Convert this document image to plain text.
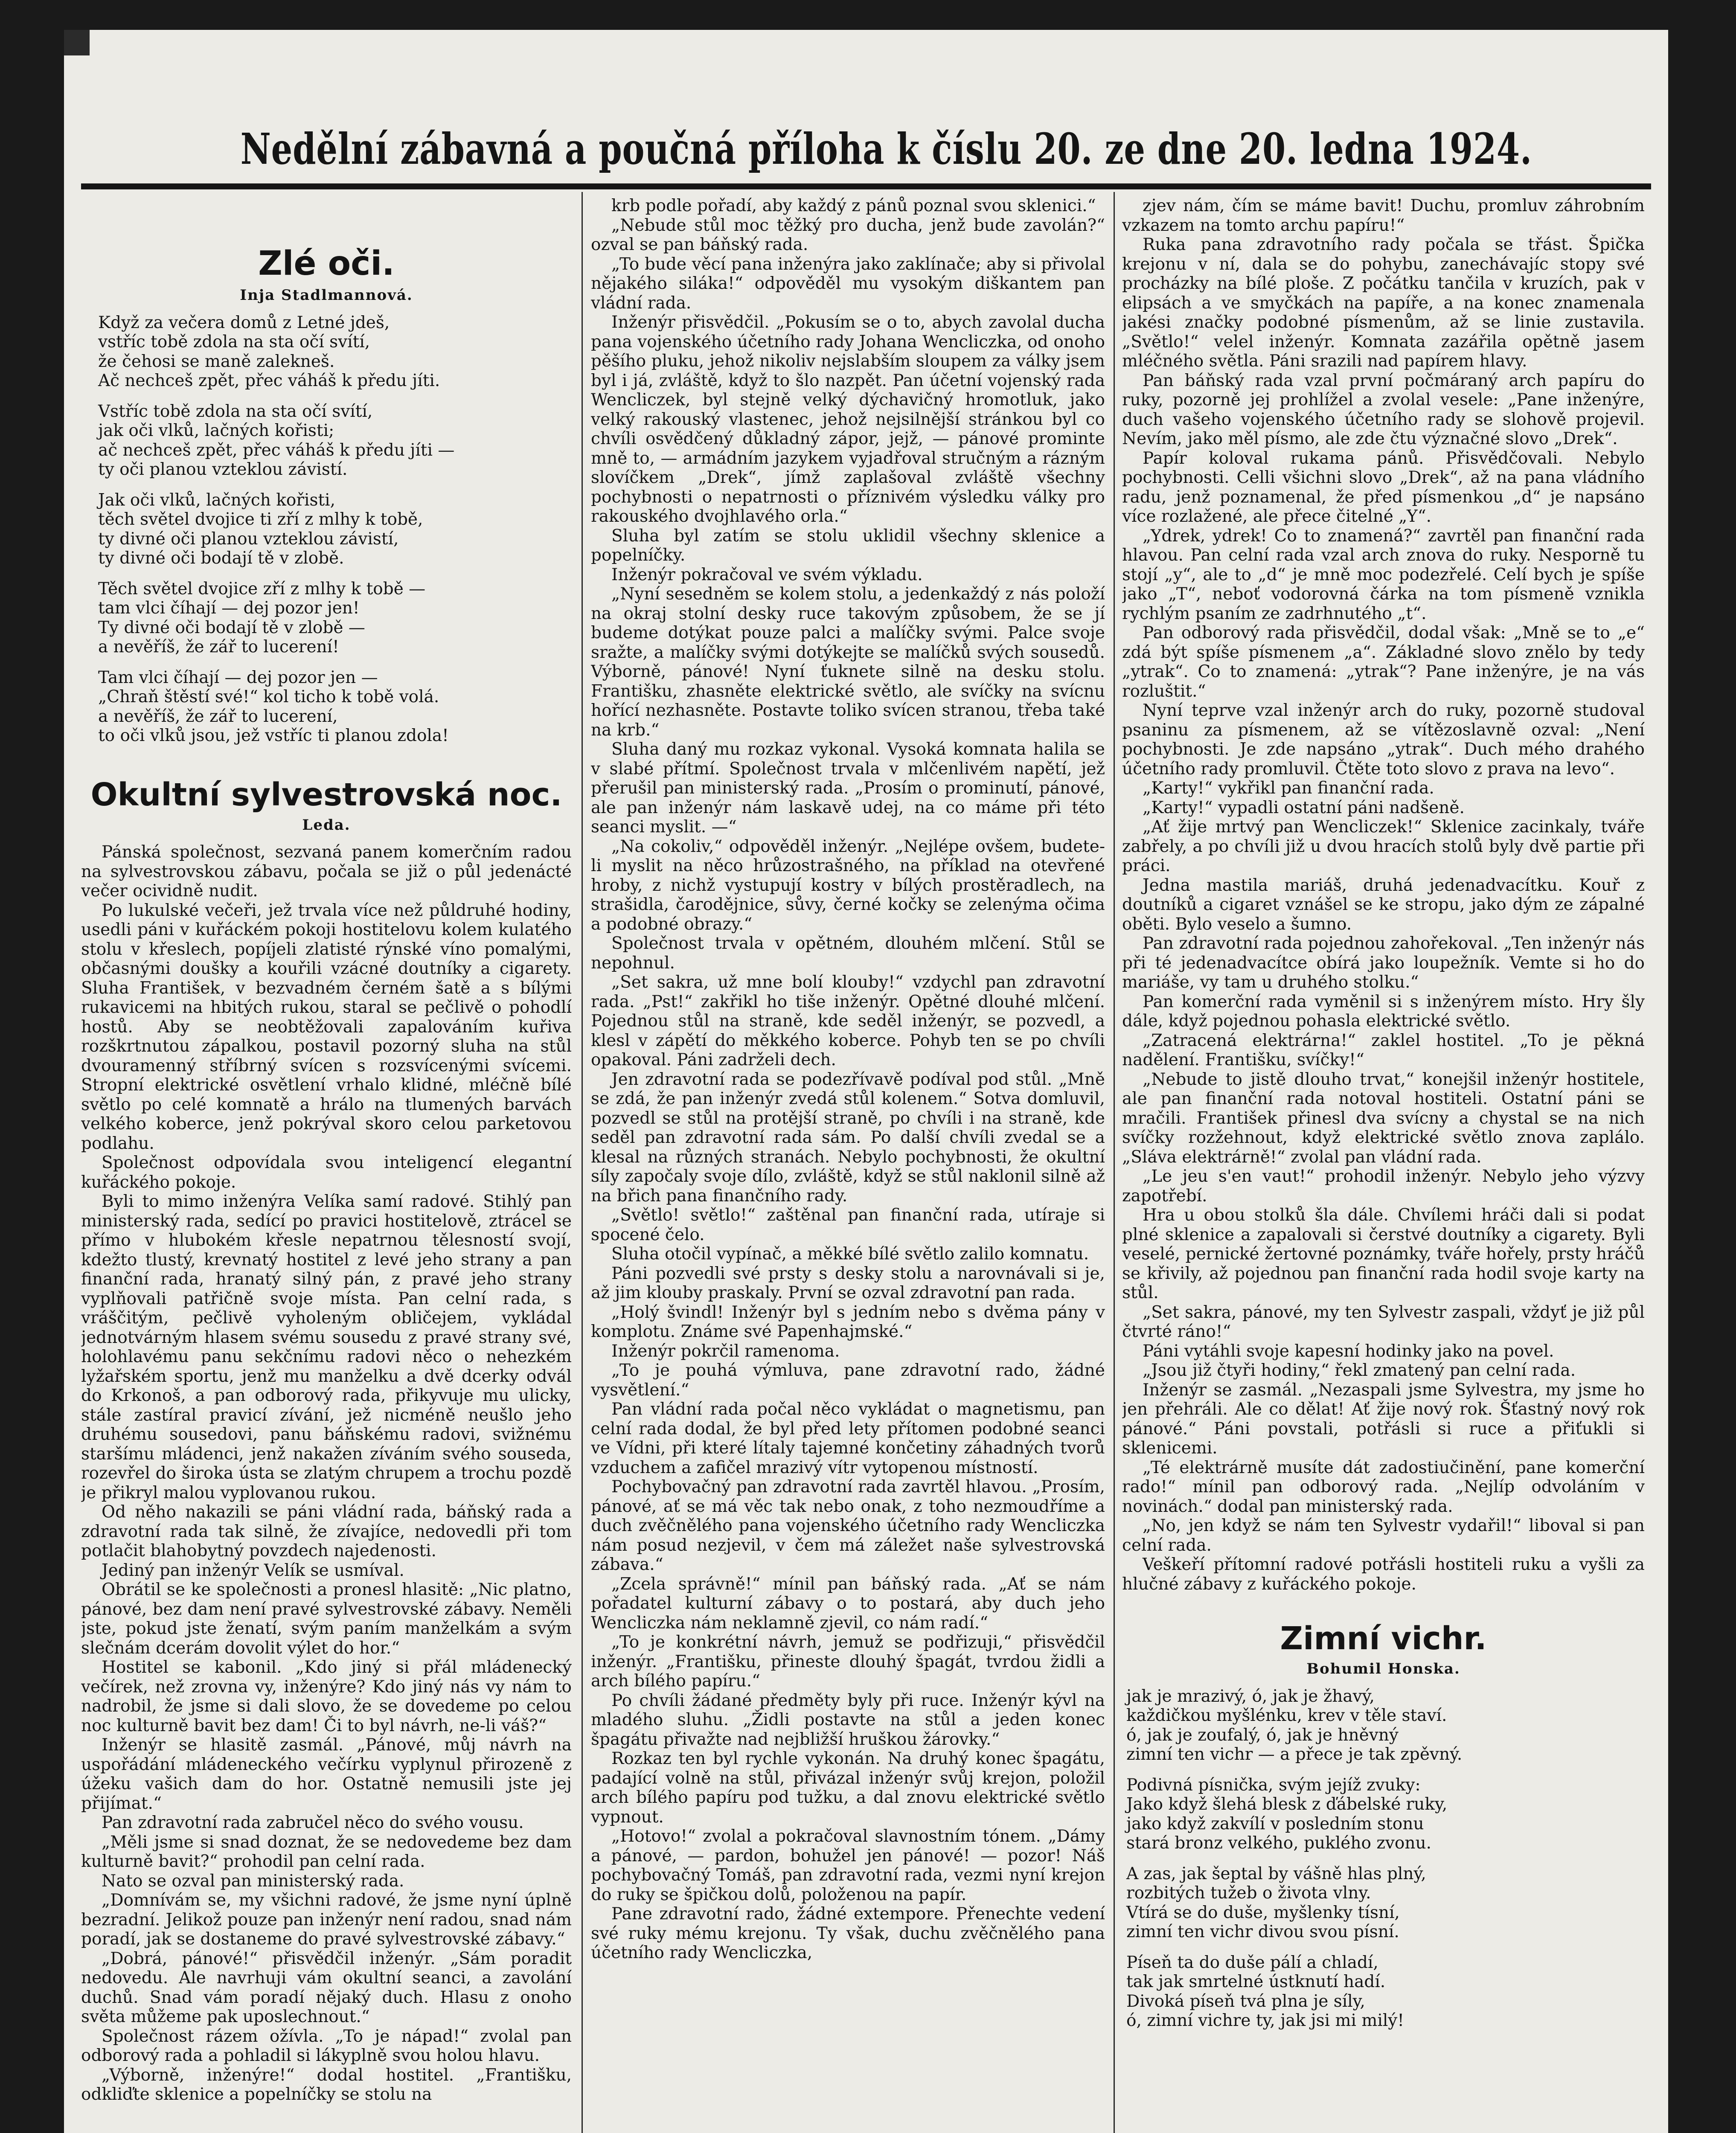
Nedělní zábavná a poučná příloha k číslu 20. ze dne 20. ledna 1924.
Zlé oči.
Inja Stadlmannová.
Když za večera domů z Letné jdeš,
vstříc tobě zdola na sta očí svítí,
že čehosi se maně zalekneš.
Ač nechceš zpět, přec váháš k předu jíti.
Vstříc tobě zdola na sta očí svítí,
jak oči vlků, lačných kořisti;
ač nechceš zpět, přec váháš k předu jíti —
ty oči planou vzteklou závistí.
Jak oči vlků, lačných kořisti,
těch světel dvojice ti zří z mlhy k tobě,
ty divné oči planou vzteklou závistí,
ty divné oči bodají tě v zlobě.
Těch světel dvojice zří z mlhy k tobě —
tam vlci číhají — dej pozor jen!
Ty divné oči bodají tě v zlobě —
a nevěříš, že zář to lucerení!
Tam vlci číhají — dej pozor jen —
„Chraň štěstí své!“ kol ticho k tobě volá.
a nevěříš, že zář to lucerení,
to oči vlků jsou, jež vstříc ti planou zdola!
Okultní sylvestrovská noc.
Leda.

Pánská společnost, sezvaná panem komerčním radou na sylvestrovskou zábavu, počala se již o půl jedenácté večer ocividně nudit.

Po lukulské večeři, jež trvala více než půldruhé hodiny, usedli páni v kuřáckém pokoji hostitelovu kolem kulatého stolu v křeslech, popíjeli zlatisté rýnské víno pomalými, občasnými doušky a kouřili vzácné doutníky a cigarety. Sluha František, v bezvadném černém šatě a s bílými rukavicemi na hbitých rukou, staral se pečlivě o pohodlí hostů. Aby se neobtěžovali zapalováním kuřiva rozškrtnutou zápalkou, postavil pozorný sluha na stůl dvouramenný stříbrný svícen s rozsvícenými svícemi. Stropní elektrické osvětlení vrhalo klidné, mléčně bílé světlo po celé komnatě a hrálo na tlumených barvách velkého koberce, jenž pokrýval skoro celou parketovou podlahu.

Společnost odpovídala svou inteligencí elegantní kuřáckého pokoje.

Byli to mimo inženýra Velíka samí radové. Stihlý pan ministerský rada, sedící po pravici hostitelově, ztrácel se přímo v hlubokém křesle nepatrnou tělesností svojí, kdežto tlustý, krevnatý hostitel z levé jeho strany a pan finanční rada, hranatý silný pán, z pravé jeho strany vyplňovali patřičně svoje místa. Pan celní rada, s vráščitým, pečlivě vyholeným obličejem, vykládal jednotvárným hlasem svému sousedu z pravé strany své, holohlavému panu sekčnímu radovi něco o nehezkém lyžařském sportu, jenž mu manželku a dvě dcerky odvál do Krkonoš, a pan odborový rada, přikyvuje mu ulicky, stále zastíral pravicí zívání, jež nicméně neušlo jeho druhému sousedovi, panu báňskému radovi, svižnému staršímu mládenci, jenž nakažen zíváním svého souseda, rozevřel do široka ústa se zlatým chrupem a trochu pozdě je přikryl malou vyplovanou rukou.

Od něho nakazili se páni vládní rada, báňský rada a zdravotní rada tak silně, že zívajíce, nedovedli při tom potlačit blahobytný povzdech najedenosti.

Jediný pan inženýr Velík se usmíval.

Obrátil se ke společnosti a pronesl hlasitě: „Nic platno, pánové, bez dam není pravé sylvestrovské zábavy. Neměli jste, pokud jste ženatí, svým paním manželkám a svým slečnám dcerám dovolit výlet do hor.“

Hostitel se kabonil. „Kdo jiný si přál mládenecký večírek, než zrovna vy, inženýre? Kdo jiný nás vy nám to nadrobil, že jsme si dali slovo, že se dovedeme po celou noc kulturně bavit bez dam! Či to byl návrh, ne-li váš?“

Inženýr se hlasitě zasmál. „Pánové, můj návrh na uspořádání mládeneckého večírku vyplynul přirozeně z úžeku vašich dam do hor. Ostatně nemusili jste jej přijímat.“

Pan zdravotní rada zabručel něco do svého vousu.

„Měli jsme si snad doznat, že se nedovedeme bez dam kulturně bavit?“ prohodil pan celní rada.

Nato se ozval pan ministerský rada.

„Domnívám se, my všichni radové, že jsme nyní úplně bezradní. Jelikož pouze pan inženýr není radou, snad nám poradí, jak se dostaneme do pravé sylvestrovské zábavy.“

„Dobrá, pánové!“ přisvědčil inženýr. „Sám poradit nedovedu. Ale navrhuji vám okultní seanci, a zavolání duchů. Snad vám poradí nějaký duch. Hlasu z onoho světa můžeme pak uposlechnout.“

Společnost rázem ožívla. „To je nápad!“ zvolal pan odborový rada a pohladil si lákyplně svou holou hlavu.

„Výborně, inženýre!“ dodal hostitel. „Františku, odkliďte sklenice a popelníčky se stolu na

krb podle pořadí, aby každý z pánů poznal svou sklenici.“

„Nebude stůl moc těžký pro ducha, jenž bude zavolán?“ ozval se pan báňský rada.

„To bude věcí pana inženýra jako zaklínače; aby si přivolal nějakého siláka!“ odpověděl mu vysokým diškantem pan vládní rada.

Inženýr přisvědčil. „Pokusím se o to, abych zavolal ducha pana vojenského účetního rady Johana Wencliczka, od onoho pěšího pluku, jehož nikoliv nejslabším sloupem za války jsem byl i já, zvláště, když to šlo nazpět. Pan účetní vojenský rada Wencliczek, byl stejně velký dýchavičný hromotluk, jako velký rakouský vlastenec, jehož nejsilnější stránkou byl co chvíli osvědčený důkladný zápor, jejž, — pánové prominte mně to, — armádním jazykem vyjadřoval stručným a rázným slovíčkem „Drek“, jímž zaplašoval zvláště všechny pochybnosti o nepatrnosti o příznivém výsledku války pro rakouského dvojhlavého orla.“

Sluha byl zatím se stolu uklidil všechny sklenice a popelníčky.

Inženýr pokračoval ve svém výkladu.

„Nyní sesedněm se kolem stolu, a jedenkaždý z nás položí na okraj stolní desky ruce takovým způsobem, že se jí budeme dotýkat pouze palci a malíčky svými. Palce svoje sražte, a malíčky svými dotýkejte se malíčků svých sousedů. Výborně, pánové! Nyní ťuknete silně na desku stolu. Františku, zhasněte elektrické světlo, ale svíčky na svícnu hořící nezhasněte. Postavte toliko svícen stranou, třeba také na krb.“

Sluha daný mu rozkaz vykonal. Vysoká komnata halila se v slabé přítmí. Společnost trvala v mlčenlivém napětí, jež přerušil pan ministerský rada. „Prosím o prominutí, pánové, ale pan inženýr nám laskavě udej, na co máme při této seanci myslit. —“

„Na cokoliv,“ odpověděl inženýr. „Nejlépe ovšem, budete-li myslit na něco hrůzostrašného, na příklad na otevřené hroby, z nichž vystupují kostry v bílých prostěradlech, na strašidla, čarodějnice, sůvy, černé kočky se zelenýma očima a podobné obrazy.“

Společnost trvala v opětném, dlouhém mlčení. Stůl se nepohnul.

„Set sakra, už mne bolí klouby!“ vzdychl pan zdravotní rada. „Pst!“ zakřikl ho tiše inženýr. Opětné dlouhé mlčení. Pojednou stůl na straně, kde seděl inženýr, se pozvedl, a klesl v zápětí do měkkého koberce. Pohyb ten se po chvíli opakoval. Páni zadrželi dech.

Jen zdravotní rada se podezřívavě podíval pod stůl. „Mně se zdá, že pan inženýr zvedá stůl kolenem.“ Sotva domluvil, pozvedl se stůl na protější straně, po chvíli i na straně, kde seděl pan zdravotní rada sám. Po další chvíli zvedal se a klesal na různých stranách. Nebylo pochybnosti, že okultní síly započaly svoje dílo, zvláště, když se stůl naklonil silně až na břich pana finančního rady.

„Světlo! světlo!“ zaštěnal pan finanční rada, utíraje si spocené čelo.

Sluha otočil vypínač, a měkké bílé světlo zalilo komnatu.

Páni pozvedli své prsty s desky stolu a narovnávali si je, až jim klouby praskaly. První se ozval zdravotní pan rada.

„Holý švindl! Inženýr byl s jedním nebo s dvěma pány v komplotu. Známe své Papenhajmské.“

Inženýr pokrčil ramenoma.

„To je pouhá výmluva, pane zdravotní rado, žádné vysvětlení.“

Pan vládní rada počal něco vykládat o magnetismu, pan celní rada dodal, že byl před lety přítomen podobné seanci ve Vídni, při které lítaly tajemné končetiny záhadných tvorů vzduchem a zafičel mrazivý vítr vytopenou místností.

Pochybovačný pan zdravotní rada zavrtěl hlavou. „Prosím, pánové, ať se má věc tak nebo onak, z toho nezmoudříme a duch zvěčnělého pana vojenského účetního rady Wencliczka nám posud nezjevil, v čem má záležet naše sylvestrovská zábava.“

„Zcela správně!“ mínil pan báňský rada. „Ať se nám pořadatel kulturní zábavy o to postará, aby duch jeho Wencliczka nám neklamně zjevil, co nám radí.“

„To je konkrétní návrh, jemuž se podřizuji,“ přisvědčil inženýr. „Františku, přineste dlouhý špagát, tvrdou židli a arch bílého papíru.“

Po chvíli žádané předměty byly při ruce. Inženýr kývl na mladého sluhu. „Židli postavte na stůl a jeden konec špagátu přivažte nad nejbližší hruškou žárovky.“

Rozkaz ten byl rychle vykonán. Na druhý konec špagátu, padající volně na stůl, přivázal inženýr svůj krejon, položil arch bílého papíru pod tužku, a dal znovu elektrické světlo vypnout.

„Hotovo!“ zvolal a pokračoval slavnostním tónem. „Dámy a pánové, — pardon, bohužel jen pánové! — pozor! Náš pochybovačný Tomáš, pan zdravotní rada, vezmi nyní krejon do ruky se špičkou dolů, položenou na papír.

Pane zdravotní rado, žádné extempore. Přenechte vedení své ruky mému krejonu. Ty však, duchu zvěčnělého pana účetního rady Wencliczka,

zjev nám, čím se máme bavit! Duchu, promluv záhrobním vzkazem na tomto archu papíru!“

Ruka pana zdravotního rady počala se třást. Špička krejonu v ní, dala se do pohybu, zanechávajíc stopy své procházky na bílé ploše. Z počátku tančila v kruzích, pak v elipsách a ve smyčkách na papíře, a na konec znamenala jakési značky podobné písmenům, až se linie zustavila. „Světlo!“ velel inženýr. Komnata zazářila opětně jasem mléčného světla. Páni srazili nad papírem hlavy.

Pan báňský rada vzal první počmáraný arch papíru do ruky, pozorně jej prohlížel a zvolal vesele: „Pane inženýre, duch vašeho vojenského účetního rady se slohově projevil. Nevím, jako měl písmo, ale zde čtu význačné slovo „Drek“.

Papír koloval rukama pánů. Přisvědčovali. Nebylo pochybnosti. Celli všichni slovo „Drek“, až na pana vládního radu, jenž poznamenal, že před písmenkou „d“ je napsáno více rozlažené, ale přece čitelné „Y“.

„Ydrek, ydrek! Co to znamená?“ zavrtěl pan finanční rada hlavou. Pan celní rada vzal arch znova do ruky. Nesporně tu stojí „y“, ale to „d“ je mně moc podezřelé. Celí bych je spíše jako „T“, neboť vodorovná čárka na tom písmeně vznikla rychlým psaním ze zadrhnutého „t“.

Pan odborový rada přisvědčil, dodal však: „Mně se to „e“ zdá být spíše písmenem „a“. Základné slovo znělo by tedy „ytrak“. Co to znamená: „ytrak“? Pane inženýre, je na vás rozluštit.“

Nyní teprve vzal inženýr arch do ruky, pozorně studoval psaninu za písmenem, až se vítězoslavně ozval: „Není pochybnosti. Je zde napsáno „ytrak“. Duch mého drahého účetního rady promluvil. Čtěte toto slovo z prava na levo“.

„Karty!“ vykřikl pan finanční rada.

„Karty!“ vypadli ostatní páni nadšeně.

„Ať žije mrtvý pan Wencliczek!“ Sklenice zacinkaly, tváře zabřely, a po chvíli již u dvou hracích stolů byly dvě partie při práci.

Jedna mastila mariáš, druhá jedenadvacítku. Kouř z doutníků a cigaret vznášel se ke stropu, jako dým ze zápalné oběti. Bylo veselo a šumno.

Pan zdravotní rada pojednou zahořekoval. „Ten inženýr nás při té jedenadvacítce obírá jako loupežník. Vemte si ho do mariáše, vy tam u druhého stolku.“

Pan komerční rada vyměnil si s inženýrem místo. Hry šly dále, když pojednou pohasla elektrické světlo.

„Zatracená elektrárna!“ zaklel hostitel. „To je pěkná nadělení. Františku, svíčky!“

„Nebude to jistě dlouho trvat,“ konejšil inženýr hostitele, ale pan finanční rada notoval hostiteli. Ostatní páni se mračili. František přinesl dva svícny a chystal se na nich svíčky rozžehnout, když elektrické světlo znova zaplálo. „Sláva elektrárně!“ zvolal pan vládní rada.

„Le jeu s'en vaut!“ prohodil inženýr. Nebylo jeho výzvy zapotřebí.

Hra u obou stolků šla dále. Chvílemi hráči dali si podat plné sklenice a zapalovali si čerstvé doutníky a cigarety. Byli veselé, pernické žertovné poznámky, tváře hořely, prsty hráčů se křivily, až pojednou pan finanční rada hodil svoje karty na stůl.

„Set sakra, pánové, my ten Sylvestr zaspali, vždyť je již půl čtvrté ráno!“

Páni vytáhli svoje kapesní hodinky jako na povel.

„Jsou již čtyři hodiny,“ řekl zmatený pan celní rada.

Inženýr se zasmál. „Nezaspali jsme Sylvestra, my jsme ho jen přehráli. Ale co dělat! Ať žije nový rok. Šťastný nový rok pánové.“ Páni povstali, potřásli si ruce a přiťukli si sklenicemi.

„Té elektrárně musíte dát zadostiučinění, pane komerční rado!“ mínil pan odborový rada. „Nejlíp odvoláním v novinách.“ dodal pan ministerský rada.

„No, jen když se nám ten Sylvestr vydařil!“ liboval si pan celní rada.

Veškeří přítomní radové potřásli hostiteli ruku a vyšli za hlučné zábavy z kuřáckého pokoje.

Zimní vichr.
Bohumil Honska.
jak je mrazivý, ó, jak je žhavý,
každičkou myšlénku, krev v těle staví.
ó, jak je zoufalý, ó, jak je hněvný
zimní ten vichr — a přece je tak zpěvný.
Podivná písnička, svým jejíž zvuky:
Jako když šlehá blesk z ďábelské ruky,
jako když zakvílí v posledním stonu
stará bronz velkého, puklého zvonu.
A zas, jak šeptal by vášně hlas plný,
rozbitých tužeb o života vlny.
Vtírá se do duše, myšlenky tísní,
zimní ten vichr divou svou písní.
Píseň ta do duše pálí a chladí,
tak jak smrtelné ústknutí hadí.
Divoká píseň tvá plna je síly,
ó, zimní vichre ty, jak jsi mi milý!
